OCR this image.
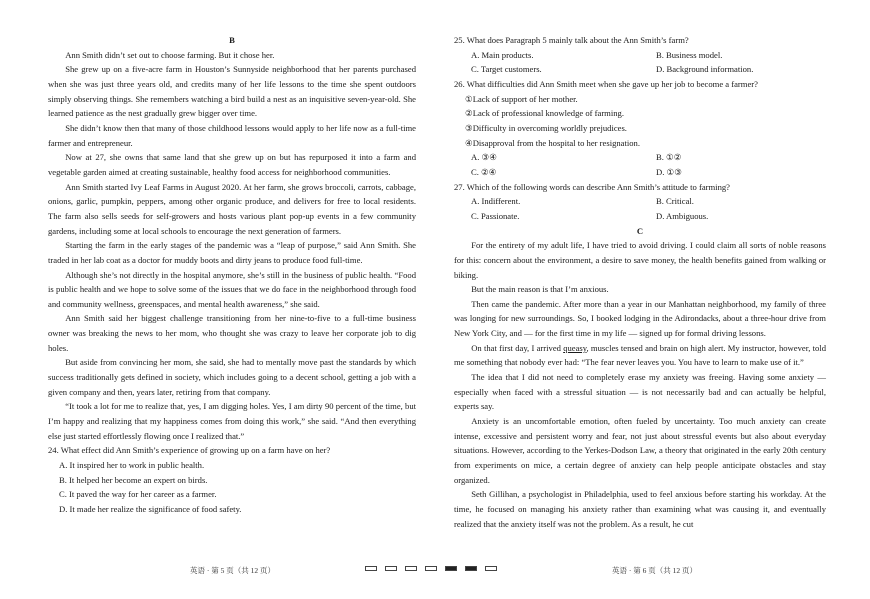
B

Ann Smith didn’t set out to choose farming. But it chose her.

She grew up on a five-acre farm in Houston’s Sunnyside neighborhood that her parents purchased when she was just three years old, and credits many of her life lessons to the time she spent outdoors simply observing things. She remembers watching a bird build a nest as an inquisitive seven-year-old. She learned patience as the nest gradually grew bigger over time.

She didn’t know then that many of those childhood lessons would apply to her life now as a full-time farmer and entrepreneur.

Now at 27, she owns that same land that she grew up on but has repurposed it into a farm and vegetable garden aimed at creating sustainable, healthy food access for neighborhood communities.

Ann Smith started Ivy Leaf Farms in August 2020. At her farm, she grows broccoli, carrots, cabbage, onions, garlic, pumpkin, peppers, among other organic produce, and delivers for free to local residents. The farm also sells seeds for self-growers and hosts various plant pop-up events in a few community gardens, including some at local schools to encourage the next generation of farmers.

Starting the farm in the early stages of the pandemic was a “leap of purpose,” said Ann Smith. She traded in her lab coat as a doctor for muddy boots and dirty jeans to produce food full-time.

Although she’s not directly in the hospital anymore, she’s still in the business of public health. “Food is public health and we hope to solve some of the issues that we do face in the neighborhood through food and community wellness, greenspaces, and mental health awareness,” she said.

Ann Smith said her biggest challenge transitioning from her nine-to-five to a full-time business owner was breaking the news to her mom, who thought she was crazy to leave her corporate job to dig holes.

But aside from convincing her mom, she said, she had to mentally move past the standards by which success traditionally gets defined in society, which includes going to a decent school, getting a job with a given company and then, years later, retiring from that company.

“It took a lot for me to realize that, yes, I am digging holes. Yes, I am dirty 90 percent of the time, but I’m happy and realizing that my happiness comes from doing this work,” she said. “And then everything else just started effortlessly flowing once I realized that.”

24. What effect did Ann Smith’s experience of growing up on a farm have on her?

A. It inspired her to work in public health.

B. It helped her become an expert on birds.

C. It paved the way for her career as a farmer.

D. It made her realize the significance of food safety.

25. What does Paragraph 5 mainly talk about the Ann Smith’s farm?

A. Main products.	B. Business model.
C. Target customers.	D. Background information.

26. What difficulties did Ann Smith meet when she gave up her job to become a farmer?

①Lack of support of her mother.

②Lack of professional knowledge of farming.

③Difficulty in overcoming worldly prejudices.

④Disapproval from the hospital to her resignation.

A. ③④	B. ①②
C. ②④	D. ①③

27. Which of the following words can describe Ann Smith’s attitude to farming?

A. Indifferent.	B. Critical.
C. Passionate.	D. Ambiguous.
C

For the entirety of my adult life, I have tried to avoid driving. I could claim all sorts of noble reasons for this: concern about the environment, a desire to save money, the health benefits gained from walking or biking.

But the main reason is that I’m anxious.

Then came the pandemic. After more than a year in our Manhattan neighborhood, my family of three was longing for new surroundings. So, I booked lodging in the Adirondacks, about a three-hour drive from New York City, and — for the first time in my life — signed up for formal driving lessons.

On that first day, I arrived queasy, muscles tensed and brain on high alert. My instructor, however, told me something that nobody ever had: “The fear never leaves you. You have to learn to make use of it.”

The idea that I did not need to completely erase my anxiety was freeing. Having some anxiety — especially when faced with a stressful situation — is not necessarily bad and can actually be helpful, experts say.

Anxiety is an uncomfortable emotion, often fueled by uncertainty. Too much anxiety can create intense, excessive and persistent worry and fear, not just about stressful events but also about everyday situations. However, according to the Yerkes-Dodson Law, a theory that originated in the early 20th century from experiments on mice, a certain degree of anxiety can help people anticipate obstacles and stay organized.

Seth Gillihan, a psychologist in Philadelphia, used to feel anxious before starting his workday. At the time, he focused on managing his anxiety rather than examining what was causing it, and eventually realized that the anxiety itself was not the problem. As a result, he cut

英语 · 第 5 页（共 12 页）	英语 · 第 6 页（共 12 页）
